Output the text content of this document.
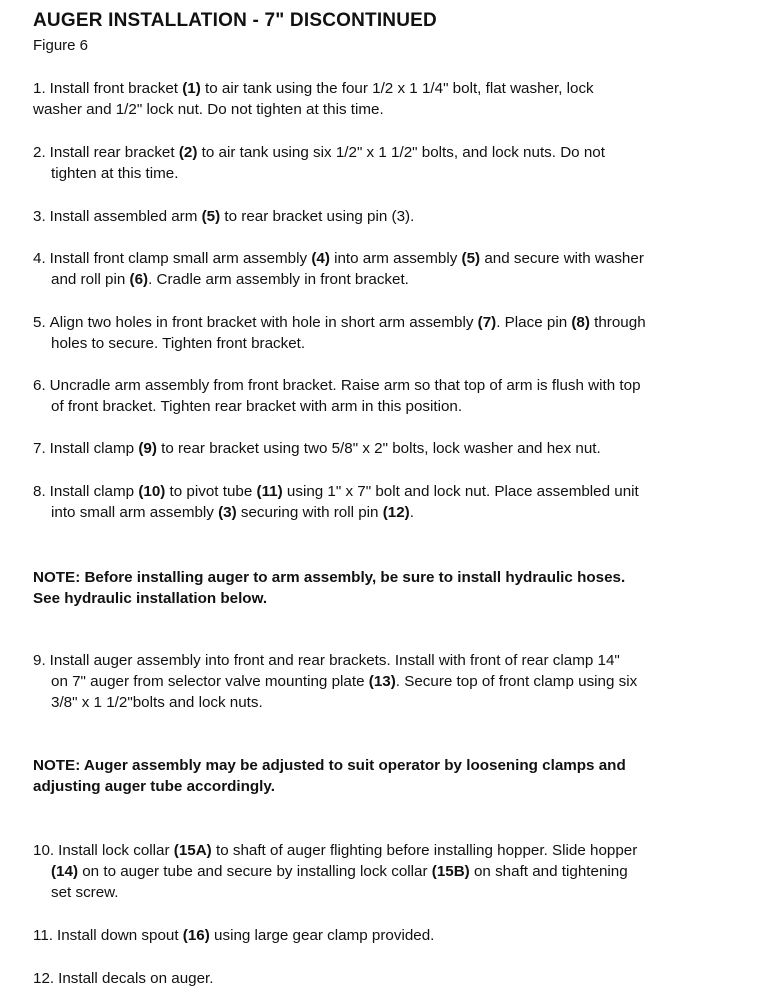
AUGER INSTALLATION - 7" DISCONTINUED
Figure 6
1. Install front bracket (1) to air tank using the four 1/2 x 1 1/4" bolt, flat washer, lock
washer and 1/2" lock nut. Do not tighten at this time.
2. Install rear bracket (2) to air tank using six 1/2" x 1 1/2" bolts, and lock nuts. Do not
tighten at this time.
3. Install assembled arm (5) to rear bracket using pin (3).
4. Install front clamp small arm assembly (4) into arm assembly (5) and secure with washer
and roll pin (6). Cradle arm assembly in front bracket.
5. Align two holes in front bracket with hole in short arm assembly (7). Place pin (8) through
holes to secure. Tighten front bracket.
6. Uncradle arm assembly from front bracket. Raise arm so that top of arm is flush with top
of front bracket. Tighten rear bracket with arm in this position.
7. Install clamp (9) to rear bracket using two 5/8" x 2" bolts, lock washer and hex nut.
8. Install clamp (10) to pivot tube (11) using 1" x 7" bolt and lock nut. Place assembled unit
into small arm assembly (3) securing with roll pin (12).
NOTE: Before installing auger to arm assembly, be sure to install hydraulic hoses.
See hydraulic installation below.
9. Install auger assembly into front and rear brackets. Install with front of rear clamp 14"
on 7" auger from selector valve mounting plate (13). Secure top of front clamp using six
3/8" x 1 1/2"bolts and lock nuts.
NOTE: Auger assembly may be adjusted to suit operator by loosening clamps and
adjusting auger tube accordingly.
10. Install lock collar (15A) to shaft of auger flighting before installing hopper. Slide hopper
(14) on to auger tube and secure by installing lock collar (15B) on shaft and tightening
set screw.
11. Install down spout (16) using large gear clamp provided.
12. Install decals on auger.
